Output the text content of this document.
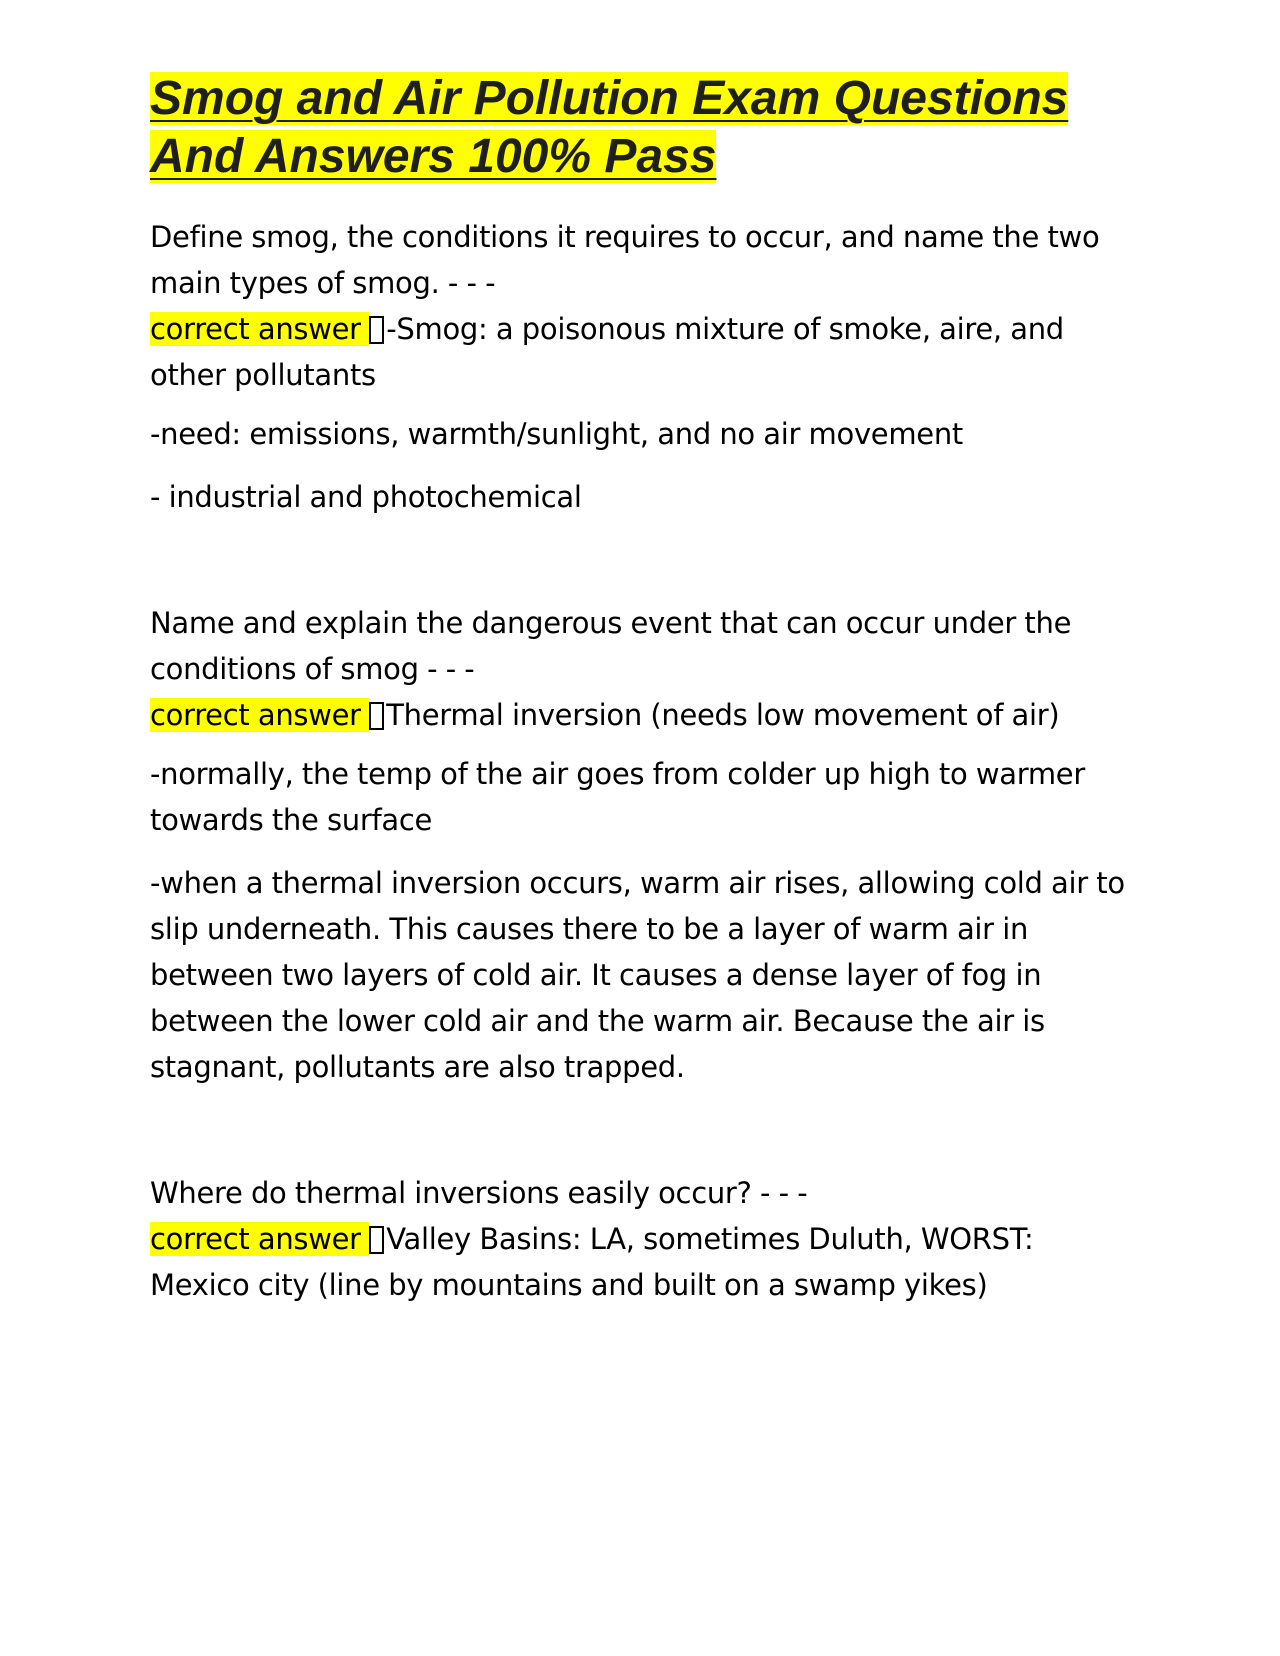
Smog and Air Pollution Exam Questions
And Answers 100% Pass

Define smog, the conditions it requires to occur, and name the two main types of smog. - - -
correct answer -Smog: a poisonous mixture of smoke, aire, and other pollutants

-need: emissions, warmth/sunlight, and no air movement

- industrial and photochemical

Name and explain the dangerous event that can occur under the conditions of smog - - -
correct answer Thermal inversion (needs low movement of air)

-normally, the temp of the air goes from colder up high to warmer towards the surface

-when a thermal inversion occurs, warm air rises, allowing cold air to slip underneath. This causes there to be a layer of warm air in between two layers of cold air. It causes a dense layer of fog in between the lower cold air and the warm air. Because the air is stagnant, pollutants are also trapped.

Where do thermal inversions easily occur? - - -
correct answer Valley Basins: LA, sometimes Duluth, WORST: Mexico city (line by mountains and built on a swamp yikes)
